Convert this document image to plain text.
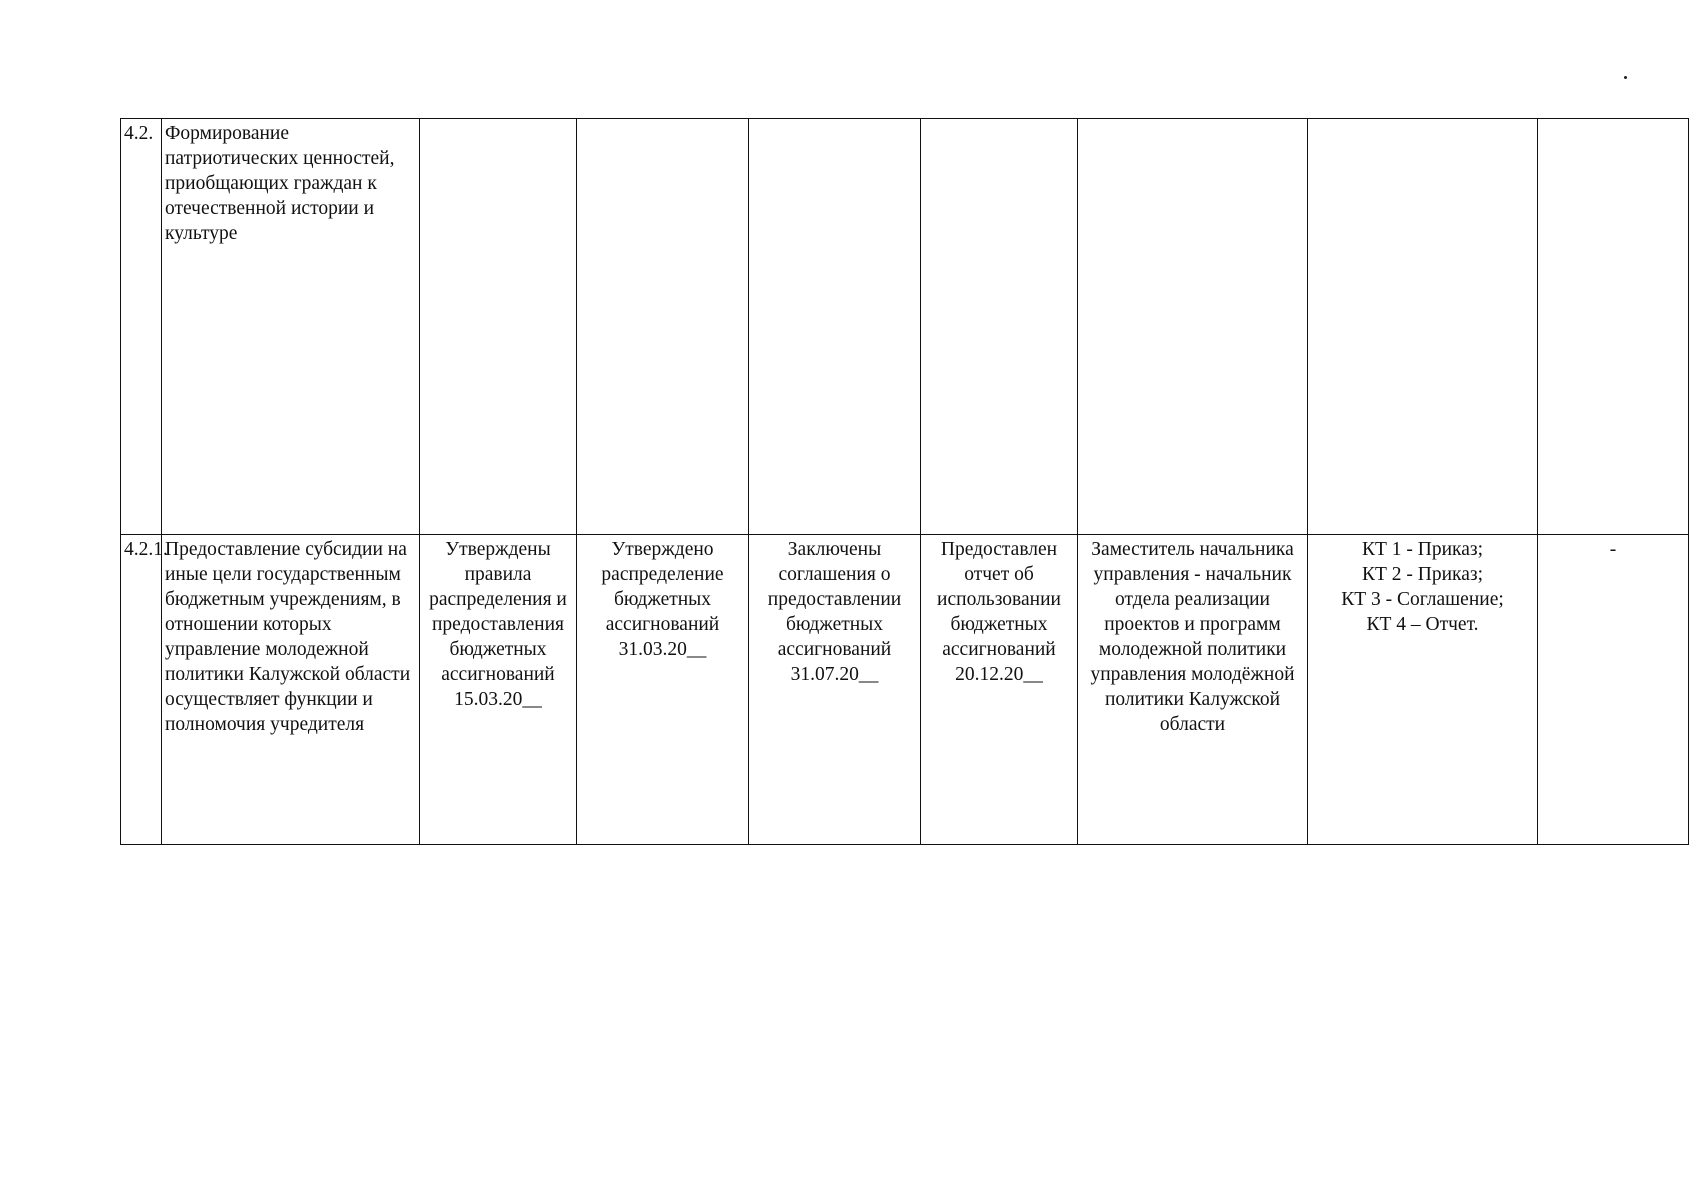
4.2.	Формирование патриотических ценностей, приобщающих граждан к отечественной истории и культуре							
4.2.1.	Предоставление субсидии на иные цели государственным бюджетным учреждениям, в отношении которых управление молодежной политики Калужской области осуществляет функции и полномочия учредителя	Утверждены правила распределения и предоставления бюджетных ассигнований 15.03.20__	Утверждено распределение бюджетных ассигнований 31.03.20__	Заключены соглашения о предоставлении бюджетных ассигнований 31.07.20__	Предоставлен отчет об использовании бюджетных ассигнований 20.12.20__	Заместитель начальника управления - начальник отдела реализации проектов и программ молодежной политики управления молодёжной политики Калужской области	КТ 1 - Приказ;
КТ 2 - Приказ;
КТ 3 - Соглашение;
КТ 4 – Отчет.	-
